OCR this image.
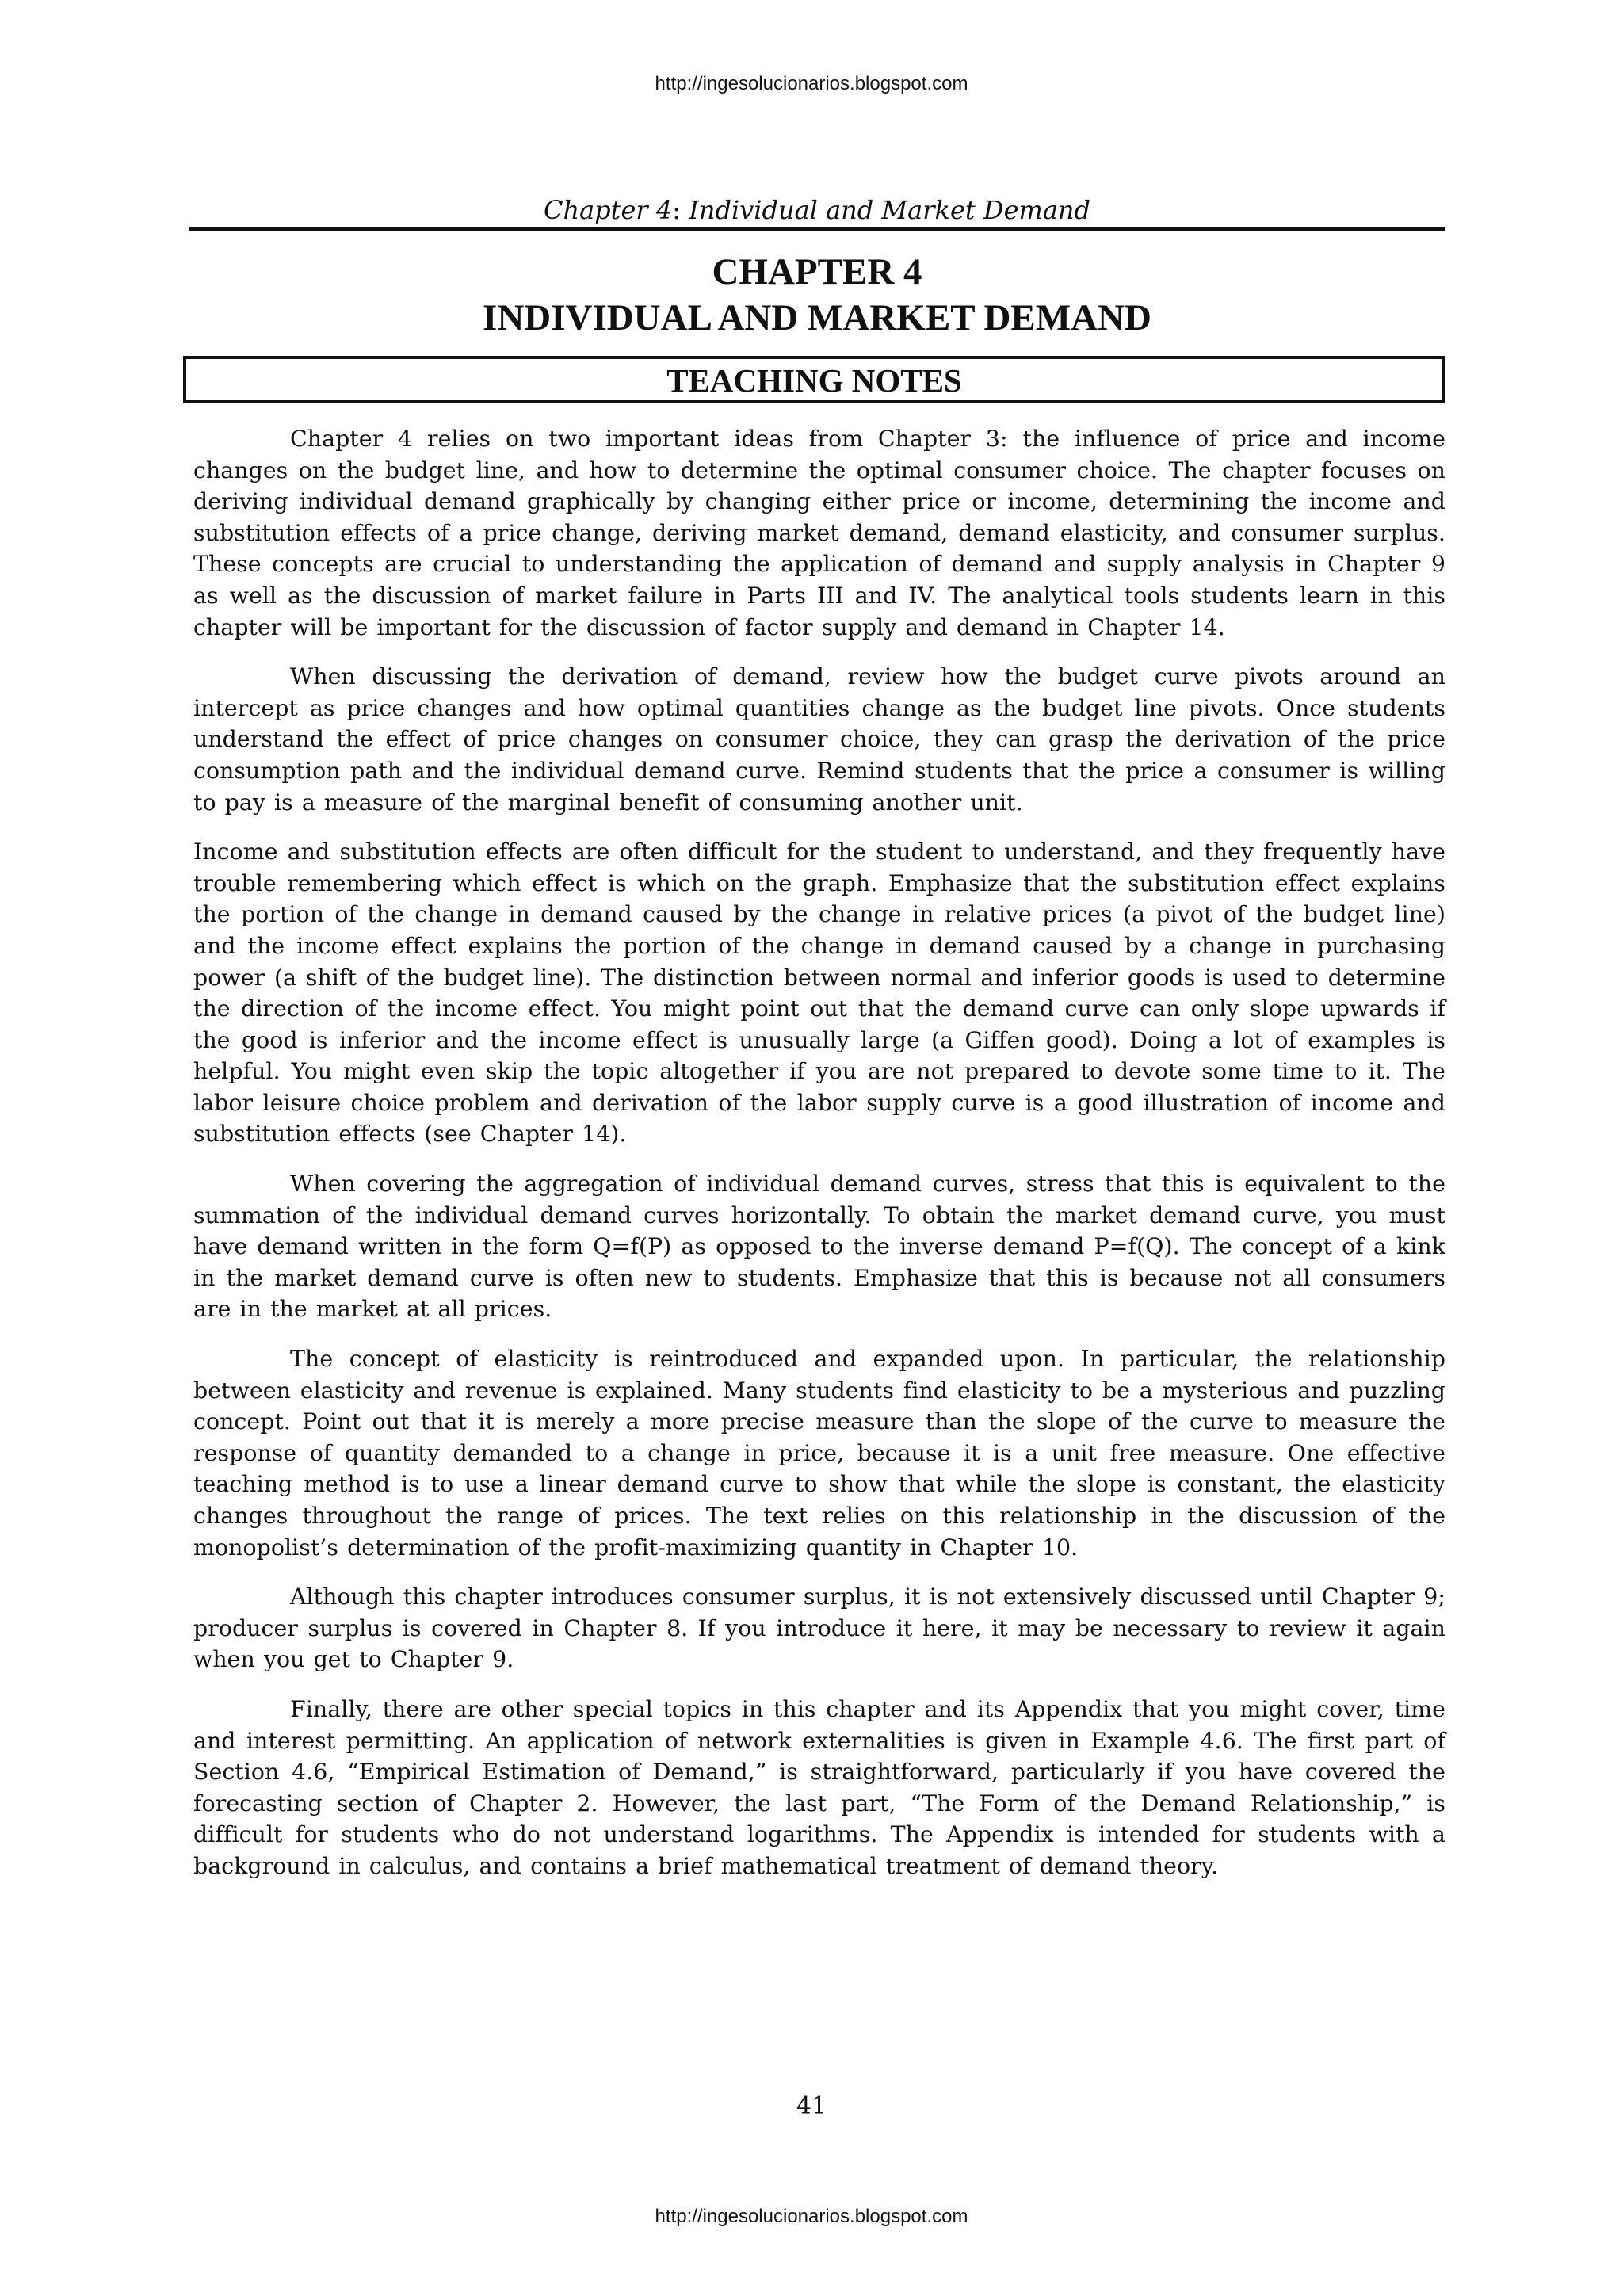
http://ingesolucionarios.blogspot.com
Chapter 4: Individual and Market Demand
CHAPTER 4
INDIVIDUAL AND MARKET DEMAND
TEACHING NOTES

Chapter 4 relies on two important ideas from Chapter 3: the influence of price and income changes on the budget line, and how to determine the optimal consumer choice. The chapter focuses on deriving individual demand graphically by changing either price or income, determining the income and substitution effects of a price change, deriving market demand, demand elasticity, and consumer surplus. These concepts are crucial to understanding the application of demand and supply analysis in Chapter 9 as well as the discussion of market failure in Parts III and IV. The analytical tools students learn in this chapter will be important for the discussion of factor supply and demand in Chapter 14.

When discussing the derivation of demand, review how the budget curve pivots around an intercept as price changes and how optimal quantities change as the budget line pivots. Once students understand the effect of price changes on consumer choice, they can grasp the derivation of the price consumption path and the individual demand curve. Remind students that the price a consumer is willing to pay is a measure of the marginal benefit of consuming another unit.

Income and substitution effects are often difficult for the student to understand, and they frequently have trouble remembering which effect is which on the graph. Emphasize that the substitution effect explains the portion of the change in demand caused by the change in relative prices (a pivot of the budget line) and the income effect explains the portion of the change in demand caused by a change in purchasing power (a shift of the budget line). The distinction between normal and inferior goods is used to determine the direction of the income effect. You might point out that the demand curve can only slope upwards if the good is inferior and the income effect is unusually large (a Giffen good). Doing a lot of examples is helpful. You might even skip the topic altogether if you are not prepared to devote some time to it. The labor leisure choice problem and derivation of the labor supply curve is a good illustration of income and substitution effects (see Chapter 14).

When covering the aggregation of individual demand curves, stress that this is equivalent to the summation of the individual demand curves horizontally. To obtain the market demand curve, you must have demand written in the form Q=f(P) as opposed to the inverse demand P=f(Q). The concept of a kink in the market demand curve is often new to students. Emphasize that this is because not all consumers are in the market at all prices.

The concept of elasticity is reintroduced and expanded upon. In particular, the relationship between elasticity and revenue is explained. Many students find elasticity to be a mysterious and puzzling concept. Point out that it is merely a more precise measure than the slope of the curve to measure the response of quantity demanded to a change in price, because it is a unit free measure. One effective teaching method is to use a linear demand curve to show that while the slope is constant, the elasticity changes throughout the range of prices. The text relies on this relationship in the discussion of the monopolist’s determination of the profit-maximizing quantity in Chapter 10.

Although this chapter introduces consumer surplus, it is not extensively discussed until Chapter 9; producer surplus is covered in Chapter 8. If you introduce it here, it may be necessary to review it again when you get to Chapter 9.

Finally, there are other special topics in this chapter and its Appendix that you might cover, time and interest permitting. An application of network externalities is given in Example 4.6. The first part of Section 4.6, “Empirical Estimation of Demand,” is straightforward, particularly if you have covered the forecasting section of Chapter 2. However, the last part, “The Form of the Demand Relationship,” is difficult for students who do not understand logarithms. The Appendix is intended for students with a background in calculus, and contains a brief mathematical treatment of demand theory.

41
http://ingesolucionarios.blogspot.com
